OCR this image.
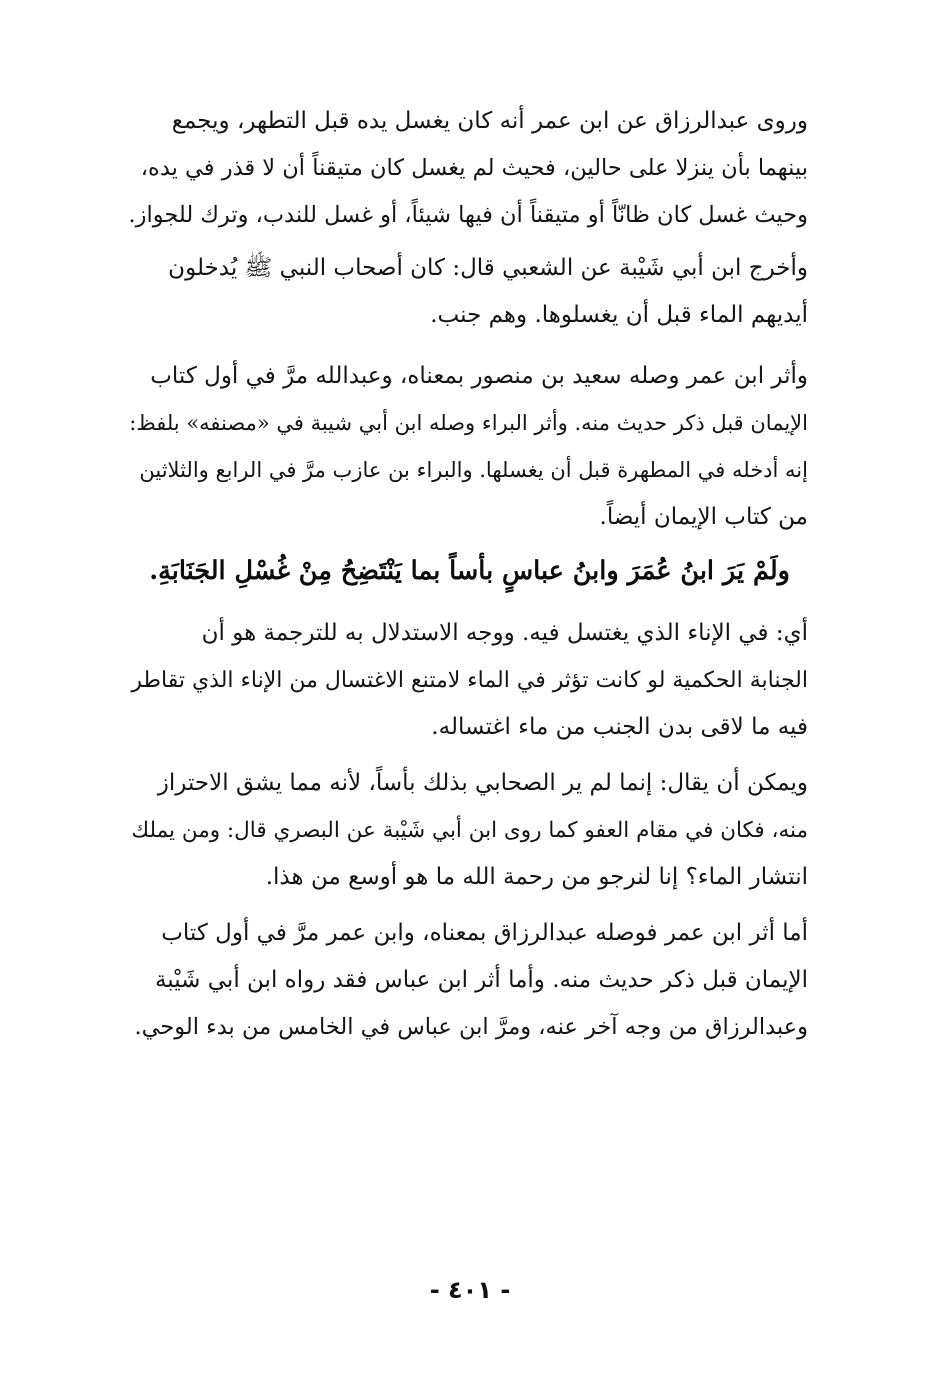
وروى عبدالرزاق عن ابن عمر أنه كان يغسل يده قبل التطهر، ويجمع
بينهما بأن ينزلا على حالين، فحيث لم يغسل كان متيقناً أن لا قذر في يده،
وحيث غسل كان ظانّاً أو متيقناً أن فيها شيئاً، أو غسل للندب، وترك للجواز.
وأخرج ابن أبي شَيْبة عن الشعبي قال: كان أصحاب النبي ﷺ يُدخلون
أيديهم الماء قبل أن يغسلوها. وهم جنب.
وأثر ابن عمر وصله سعيد بن منصور بمعناه، وعبدالله مرَّ في أول كتاب
الإيمان قبل ذكر حديث منه. وأثر البراء وصله ابن أبي شيبة في «مصنفه» بلفظ:
إنه أدخله في المطهرة قبل أن يغسلها. والبراء بن عازب مرَّ في الرابع والثلاثين
من كتاب الإيمان أيضاً.
ولَمْ يَرَ ابنُ عُمَرَ وابنُ عباسٍ بأساً بما يَنْتَضِحُ مِنْ غُسْلِ الجَنَابَةِ.
أي: في الإناء الذي يغتسل فيه. ووجه الاستدلال به للترجمة هو أن
الجنابة الحكمية لو كانت تؤثر في الماء لامتنع الاغتسال من الإناء الذي تقاطر
فيه ما لاقى بدن الجنب من ماء اغتساله.
ويمكن أن يقال: إنما لم ير الصحابي بذلك بأساً، لأنه مما يشق الاحتراز
منه، فكان في مقام العفو كما روى ابن أبي شَيْبة عن البصري قال: ومن يملك
انتشار الماء؟ إنا لنرجو من رحمة الله ما هو أوسع من هذا.
أما أثر ابن عمر فوصله عبدالرزاق بمعناه، وابن عمر مرَّ في أول كتاب
الإيمان قبل ذكر حديث منه. وأما أثر ابن عباس فقد رواه ابن أبي شَيْبة
وعبدالرزاق من وجه آخر عنه، ومرَّ ابن عباس في الخامس من بدء الوحي.
- ٤٠١ -
